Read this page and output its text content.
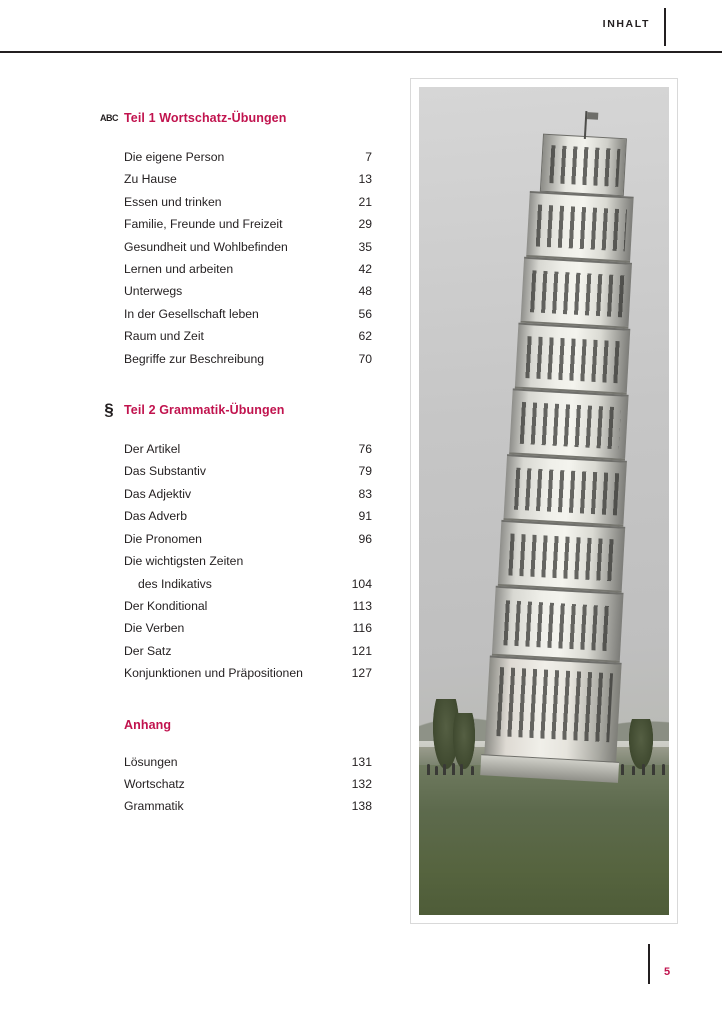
INHALT
ABC Teil 1 Wortschatz-Übungen
Die eigene Person	7
Zu Hause	13
Essen und trinken	21
Familie, Freunde und Freizeit	29
Gesundheit und Wohlbefinden	35
Lernen und arbeiten	42
Unterwegs	48
In der Gesellschaft leben	56
Raum und Zeit	62
Begriffe zur Beschreibung	70
§ Teil 2 Grammatik-Übungen
Der Artikel	76
Das Substantiv	79
Das Adjektiv	83
Das Adverb	91
Die Pronomen	96
Die wichtigsten Zeiten
des Indikativs	104
Der Konditional	113
Die Verben	116
Der Satz	121
Konjunktionen und Präpositionen	127
Anhang
Lösungen	131
Wortschatz	132
Grammatik	138
5
